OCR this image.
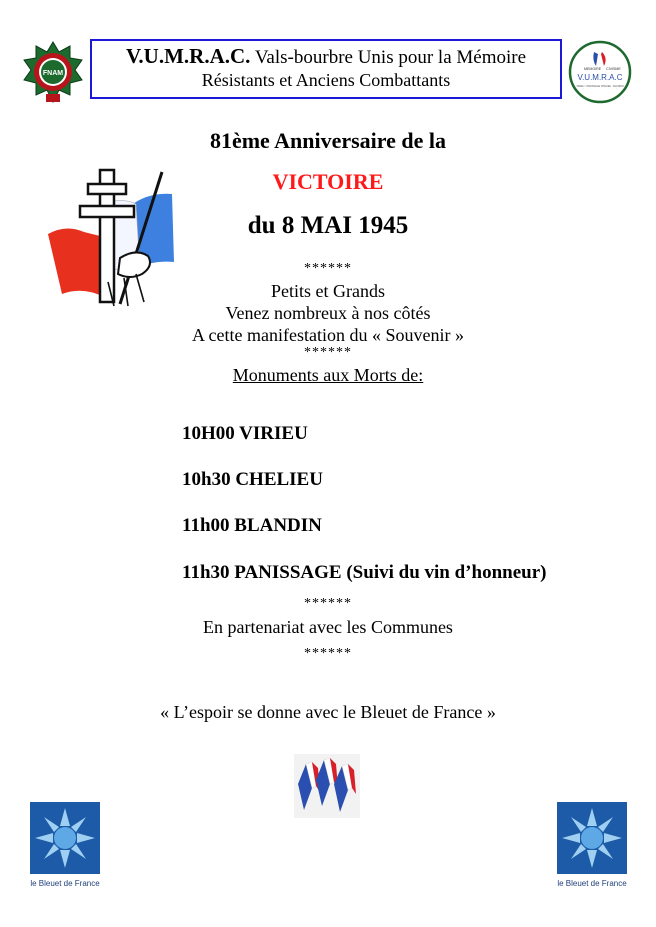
FNAM
V.U.M.R.A.C. Vals-bourbre Unis pour la Mémoire
Résistants et Anciens Combattants
MEMOIRE CIVISME
V.U.M.R.A.C
VIRIEU - PANISSAGE CHELIEU - BLANDIN
81ème Anniversaire de la
VICTOIRE
du 8 MAI 1945
******
Petits et Grands
Venez nombreux à nos côtés
A cette manifestation du « Souvenir »
******
Monuments aux Morts de:
10H00 VIRIEU
10h30 CHELIEU
11h00 BLANDIN
11h30 PANISSAGE (Suivi du vin d’honneur)
******
En partenariat avec les Communes
******
« L’espoir se donne avec le Bleuet de France »
le Bleuet de France	le Bleuet de France
